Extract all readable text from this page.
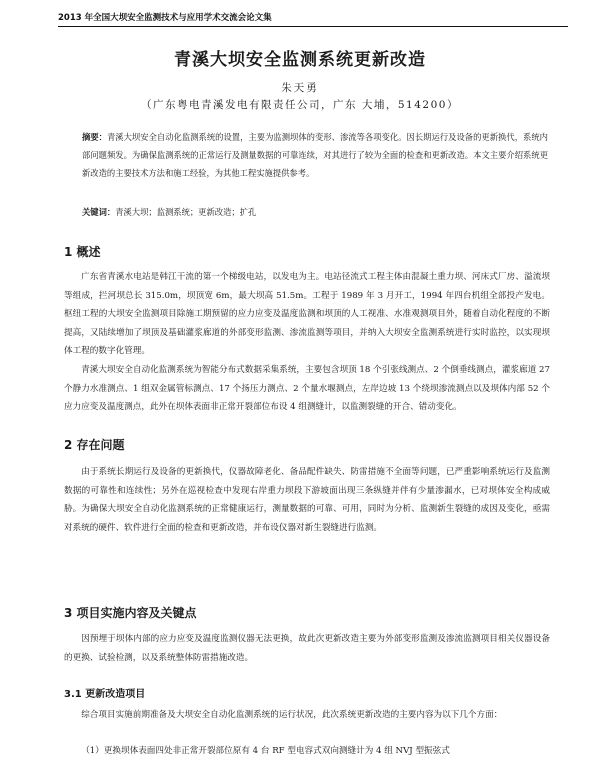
2013 年全国大坝安全监测技术与应用学术交流会论文集
青溪大坝安全监测系统更新改造
朱天勇
（广东粤电青溪发电有限责任公司，广东 大埔，514200）

摘要：青溪大坝安全自动化监测系统的设置，主要为监测坝体的变形、渗流等各项变化。因长期运行及设备的更新换代，系统内部问题频发。为确保监测系统的正常运行及测量数据的可靠连续，对其进行了较为全面的检查和更新改造。本文主要介绍系统更新改造的主要技术方法和施工经验，为其他工程实施提供参考。

关键词：青溪大坝；监测系统；更新改造；扩孔

1 概述

广东省青溪水电站是韩江干流的第一个梯级电站，以发电为主。电站径流式工程主体由混凝土重力坝、河床式厂房、溢流坝等组成，拦河坝总长 315.0m，坝顶宽 6m，最大坝高 51.5m。工程于 1989 年 3 月开工，1994 年四台机组全部投产发电。枢纽工程的大坝安全监测项目除施工期预留的应力应变及温度监测和坝顶的人工视准、水准观测项目外，随着自动化程度的不断提高，又陆续增加了坝顶及基础灌浆廊道的外部变形监测、渗流监测等项目，并纳入大坝安全监测系统进行实时监控，以实现坝体工程的数字化管理。

青溪大坝安全自动化监测系统为智能分布式数据采集系统，主要包含坝顶 18 个引张线测点、2 个倒垂线测点，灌浆廊道 27 个静力水准测点、1 组双金属管标测点、17 个扬压力测点、2 个量水堰测点，左岸边坡 13 个绕坝渗流测点以及坝体内部 52 个应力应变及温度测点，此外在坝体表面非正常开裂部位布设 4 组测缝计，以监测裂缝的开合、错动变化。

2 存在问题

由于系统长期运行及设备的更新换代，仪器故障老化、备品配件缺失、防雷措施不全面等问题，已严重影响系统运行及监测数据的可靠性和连续性；另外在巡视检查中发现右岸重力坝段下游坡面出现三条纵缝并伴有少量渗漏水，已对坝体安全构成威胁。为确保大坝安全自动化监测系统的正常健康运行，测量数据的可靠、可用，同时为分析、监测新生裂缝的成因及变化，亟需对系统的硬件、软件进行全面的检查和更新改造，并布设仪器对新生裂缝进行监测。

3 项目实施内容及关键点

因预埋于坝体内部的应力应变及温度监测仪器无法更换，故此次更新改造主要为外部变形监测及渗流监测项目相关仪器设备的更换、试验检测，以及系统整体防雷措施改造。

3.1 更新改造项目

综合项目实施前期准备及大坝安全自动化监测系统的运行状况，此次系统更新改造的主要内容为以下几个方面：

（1）更换坝体表面四处非正常开裂部位原有 4 台 RF 型电容式双向测缝计为 4 组 NVJ 型振弦式
